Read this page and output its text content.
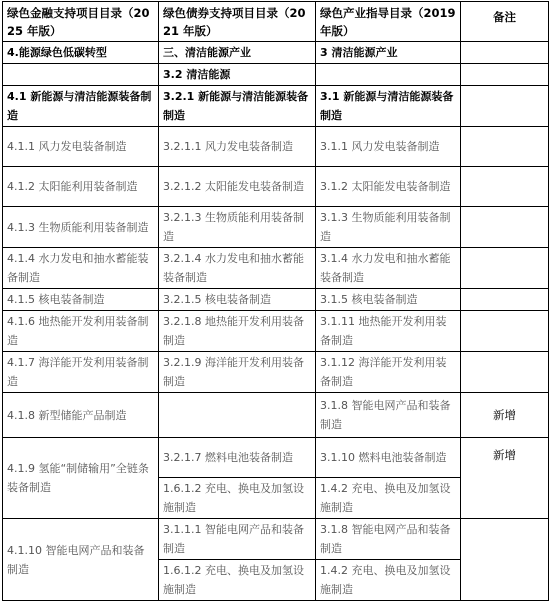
绿色金融支持项目目录（2025 年版）	绿色债券支持项目目录（2021 年版）	绿色产业指导目录（2019 年版）	备注
4.能源绿色低碳转型	三、清洁能源产业	3 清洁能源产业	
	3.2 清洁能源		
4.1 新能源与清洁能源装备制造	3.2.1 新能源与清洁能源装备制造	3.1 新能源与清洁能源装备制造	
4.1.1 风力发电装备制造	3.2.1.1 风力发电装备制造	3.1.1 风力发电装备制造	
4.1.2 太阳能利用装备制造	3.2.1.2 太阳能发电装备制造	3.1.2 太阳能发电装备制造	
4.1.3 生物质能利用装备制造	3.2.1.3 生物质能利用装备制造	3.1.3 生物质能利用装备制造	
4.1.4 水力发电和抽水蓄能装备制造	3.2.1.4 水力发电和抽水蓄能装备制造	3.1.4 水力发电和抽水蓄能装备制造	
4.1.5 核电装备制造	3.2.1.5 核电装备制造	3.1.5 核电装备制造	
4.1.6 地热能开发利用装备制造	3.2.1.8 地热能开发利用装备制造	3.1.11 地热能开发利用装备制造	
4.1.7 海洋能开发利用装备制造	3.2.1.9 海洋能开发利用装备制造	3.1.12 海洋能开发利用装备制造	
4.1.8 新型储能产品制造		3.1.8 智能电网产品和装备制造	新增
4.1.9 氢能“制储输用”全链条装备制造	3.2.1.7 燃料电池装备制造	3.1.10 燃料电池装备制造	新增
	1.6.1.2 充电、换电及加氢设施制造	1.4.2 充电、换电及加氢设施制造	
4.1.10 智能电网产品和装备制造	3.1.1.1 智能电网产品和装备制造	3.1.8 智能电网产品和装备制造	
	1.6.1.2 充电、换电及加氢设施制造	1.4.2 充电、换电及加氢设施制造	
